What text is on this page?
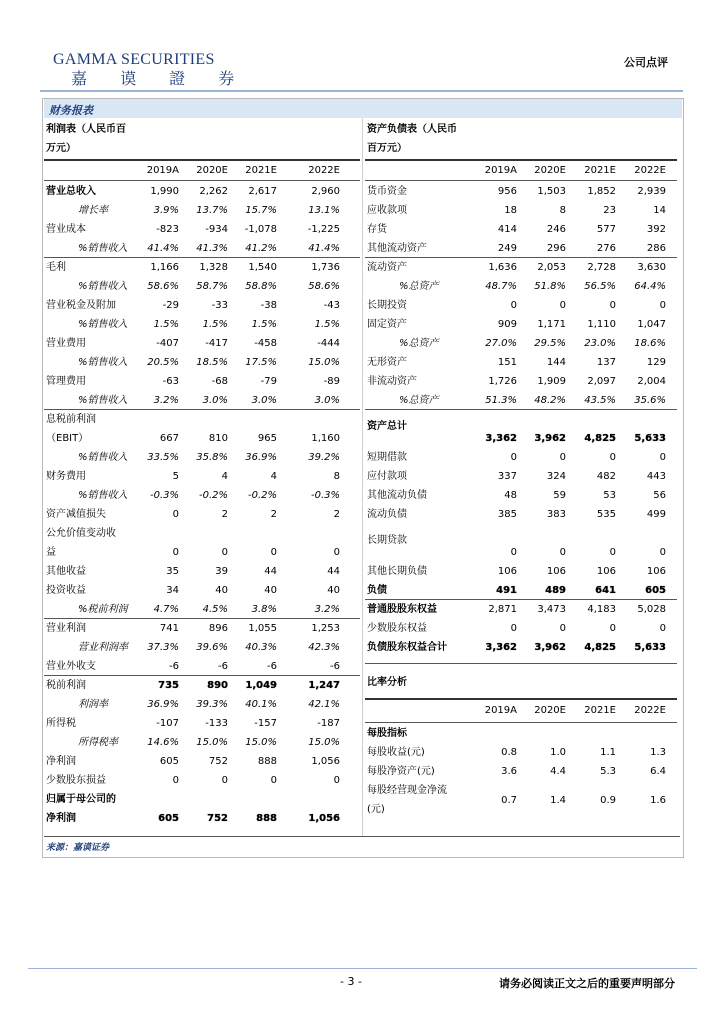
GAMMA SECURITIES
嘉 谟 證 券
公司点评
财务报表
利润表（人民币百
万元）
2019A	2020E	2021E	2022E
营业总收入	1,990	2,262	2,617	2,960
增长率	3.9%	13.7%	15.7%	13.1%
营业成本	-823	-934	-1,078	-1,225
%销售收入	41.4%	41.3%	41.2%	41.4%
毛利	1,166	1,328	1,540	1,736
%销售收入	58.6%	58.7%	58.8%	58.6%
营业税金及附加	-29	-33	-38	-43
%销售收入	1.5%	1.5%	1.5%	1.5%
营业费用	-407	-417	-458	-444
%销售收入	20.5%	18.5%	17.5%	15.0%
管理费用	-63	-68	-79	-89
%销售收入	3.2%	3.0%	3.0%	3.0%
息税前利润
（EBIT）	667	810	965	1,160
%销售收入	33.5%	35.8%	36.9%	39.2%
财务费用	5	4	4	8
%销售收入	-0.3%	-0.2%	-0.2%	-0.3%
资产减值损失	0	2	2	2
公允价值变动收
益	0	0	0	0
其他收益	35	39	44	44
投资收益	34	40	40	40
%税前利润	4.7%	4.5%	3.8%	3.2%
营业利润	741	896	1,055	1,253
营业利润率	37.3%	39.6%	40.3%	42.3%
营业外收支	-6	-6	-6	-6
税前利润	735	890	1,049	1,247
利润率	36.9%	39.3%	40.1%	42.1%
所得税	-107	-133	-157	-187
所得税率	14.6%	15.0%	15.0%	15.0%
净利润	605	752	888	1,056
少数股东损益	0	0	0	0
归属于母公司的
净利润	605	752	888	1,056
资产负债表（人民币
百万元）
2019A	2020E	2021E	2022E
货币资金	956	1,503	1,852	2,939
应收款项	18	8	23	14
存货	414	246	577	392
其他流动资产	249	296	276	286
流动资产	1,636	2,053	2,728	3,630
%总资产	48.7%	51.8%	56.5%	64.4%
长期投资	0	0	0	0
固定资产	909	1,171	1,110	1,047
%总资产	27.0%	29.5%	23.0%	18.6%
无形资产	151	144	137	129
非流动资产	1,726	1,909	2,097	2,004
%总资产	51.3%	48.2%	43.5%	35.6%
资产总计
3,362	3,962	4,825	5,633
短期借款	0	0	0	0
应付款项	337	324	482	443
其他流动负债	48	59	53	56
流动负债	385	383	535	499
长期贷款
0	0	0	0
其他长期负债	106	106	106	106
负债	491	489	641	605
普通股股东权益	2,871	3,473	4,183	5,028
少数股东权益	0	0	0	0
负债股东权益合计	3,362	3,962	4,825	5,633
比率分析
2019A	2020E	2021E	2022E
每股指标
每股收益(元)	0.8	1.0	1.1	1.3
每股净资产(元)	3.6	4.4	5.3	6.4
每股经营现金净流
(元)
0.7	1.4	0.9	1.6
来源：嘉谟证券
- 3 -	请务必阅读正文之后的重要声明部分
